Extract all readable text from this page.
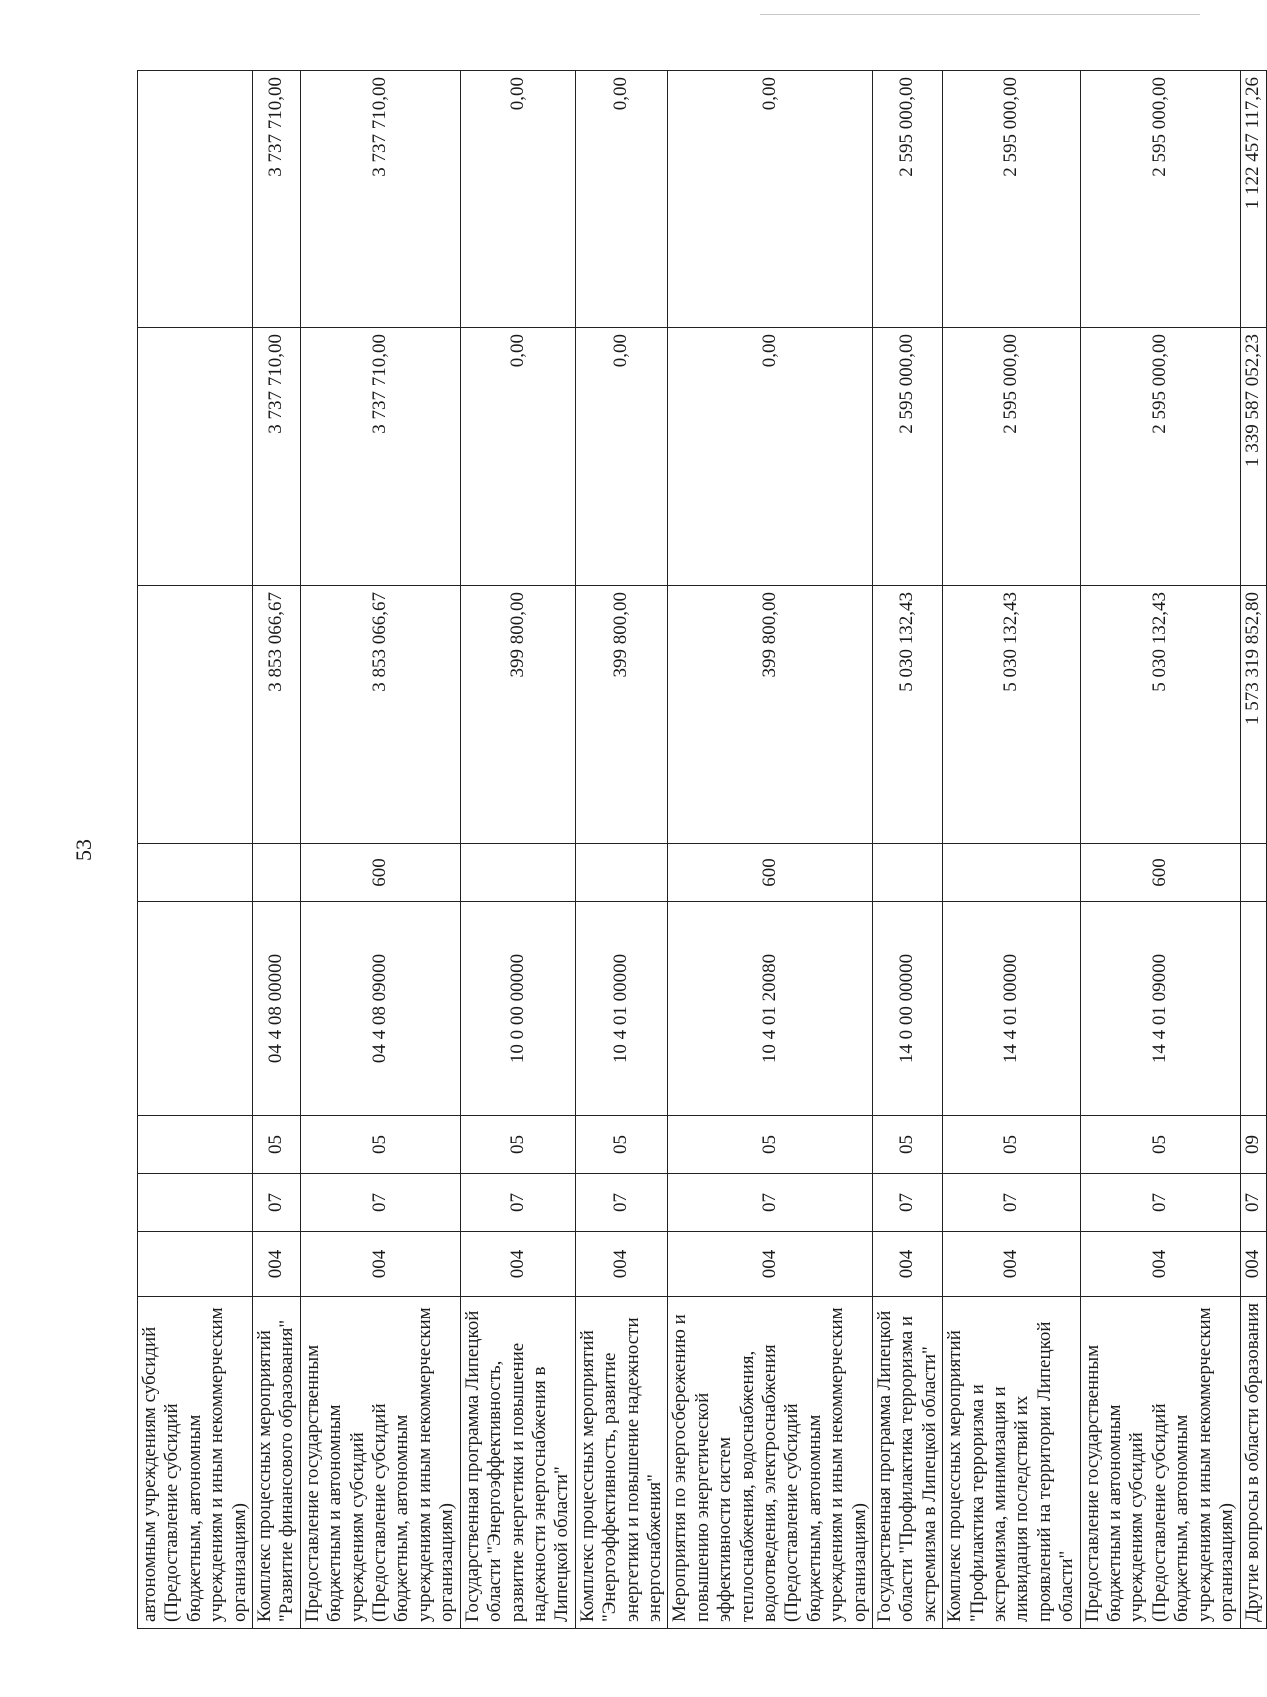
53
автономным учреждениям субсидий (Предоставление субсидий бюджетным, автономным учреждениям и иным некоммерческим организациям)								
Комплекс процессных мероприятий "Развитие финансового образования"	004	07	05	04 4 08 00000		3 853 066,67	3 737 710,00	3 737 710,00
Предоставление государственным бюджетным и автономным учреждениям субсидий (Предоставление субсидий бюджетным, автономным учреждениям и иным некоммерческим организациям)	004	07	05	04 4 08 09000	600	3 853 066,67	3 737 710,00	3 737 710,00
Государственная программа Липецкой области "Энергоэффективность, развитие энергетики и повышение надежности энергоснабжения в Липецкой области"	004	07	05	10 0 00 00000		399 800,00	0,00	0,00
Комплекс процессных мероприятий "Энергоэффективность, развитие энергетики и повышение надежности энергоснабжения"	004	07	05	10 4 01 00000		399 800,00	0,00	0,00
Мероприятия по энергосбережению и повышению энергетической эффективности систем теплоснабжения, водоснабжения, водоотведения, электроснабжения (Предоставление субсидий бюджетным, автономным учреждениям и иным некоммерческим организациям)	004	07	05	10 4 01 20080	600	399 800,00	0,00	0,00
Государственная программа Липецкой области "Профилактика терроризма и экстремизма в Липецкой области"	004	07	05	14 0 00 00000		5 030 132,43	2 595 000,00	2 595 000,00
Комплекс процессных мероприятий "Профилактика терроризма и экстремизма, минимизация и ликвидация последствий их проявлений на территории Липецкой области"	004	07	05	14 4 01 00000		5 030 132,43	2 595 000,00	2 595 000,00
Предоставление государственным бюджетным и автономным учреждениям субсидий (Предоставление субсидий бюджетным, автономным учреждениям и иным некоммерческим организациям)	004	07	05	14 4 01 09000	600	5 030 132,43	2 595 000,00	2 595 000,00
Другие вопросы в области образования	004	07	09			1 573 319 852,80	1 339 587 052,23	1 122 457 117,26
